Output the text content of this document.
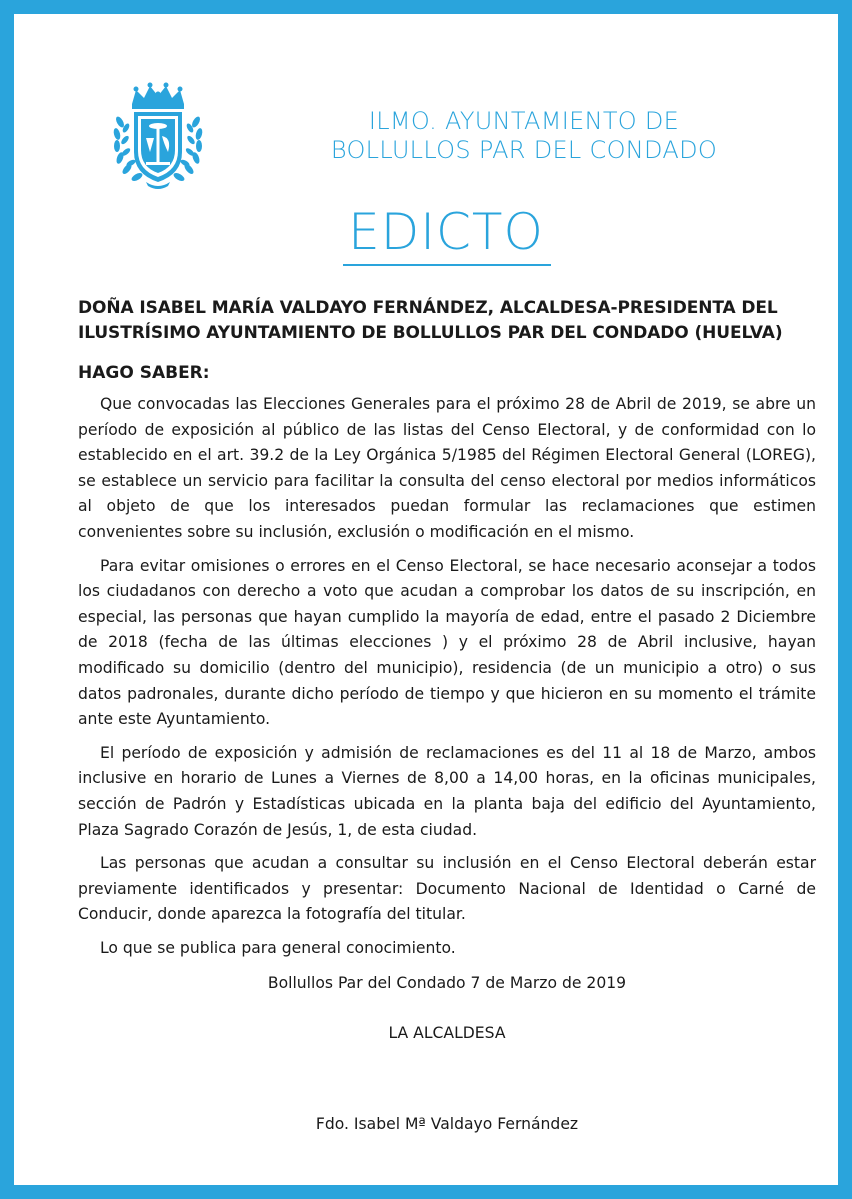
ILMO. AYUNTAMIENTO DE
BOLLULLOS PAR DEL CONDADO
EDICTO
DOÑA ISABEL MARÍA VALDAYO FERNÁNDEZ, ALCALDESA-PRESIDENTA DEL
ILUSTRÍSIMO AYUNTAMIENTO DE BOLLULLOS PAR DEL CONDADO (HUELVA)
HAGO SABER:

Que convocadas las Elecciones Generales para el próximo 28 de Abril de 2019, se abre un período de exposición al público de las listas del Censo Electoral, y de conformidad con lo establecido en el art. 39.2 de la Ley Orgánica 5/1985 del Régimen Electoral General (LOREG), se establece un servicio para facilitar la consulta del censo electoral por medios informáticos al objeto de que los interesados puedan formular las reclamaciones que estimen convenientes sobre su inclusión, exclusión o modificación en el mismo.

Para evitar omisiones o errores en el Censo Electoral, se hace necesario aconsejar a todos los ciudadanos con derecho a voto que acudan a comprobar los datos de su inscripción, en especial, las personas que hayan cumplido la mayoría de edad, entre el pasado 2 Diciembre de 2018 (fecha de las últimas elecciones ) y el próximo 28 de Abril inclusive, hayan modificado su domicilio (dentro del municipio), residencia (de un municipio a otro) o sus datos padronales, durante dicho período de tiempo y que hicieron en su momento el trámite ante este Ayuntamiento.

El período de exposición y admisión de reclamaciones es del 11 al 18 de Marzo, ambos inclusive en horario de Lunes a Viernes de 8,00 a 14,00 horas, en la oficinas municipales, sección de Padrón y Estadísticas ubicada en la planta baja del edificio del Ayuntamiento, Plaza Sagrado Corazón de Jesús, 1, de esta ciudad.

Las personas que acudan a consultar su inclusión en el Censo Electoral deberán estar previamente identificados y presentar: Documento Nacional de Identidad o Carné de Conducir, donde aparezca la fotografía del titular.

Lo que se publica para general conocimiento.

Bollullos Par del Condado 7 de Marzo de 2019
LA ALCALDESA
Fdo. Isabel Mª Valdayo Fernández
